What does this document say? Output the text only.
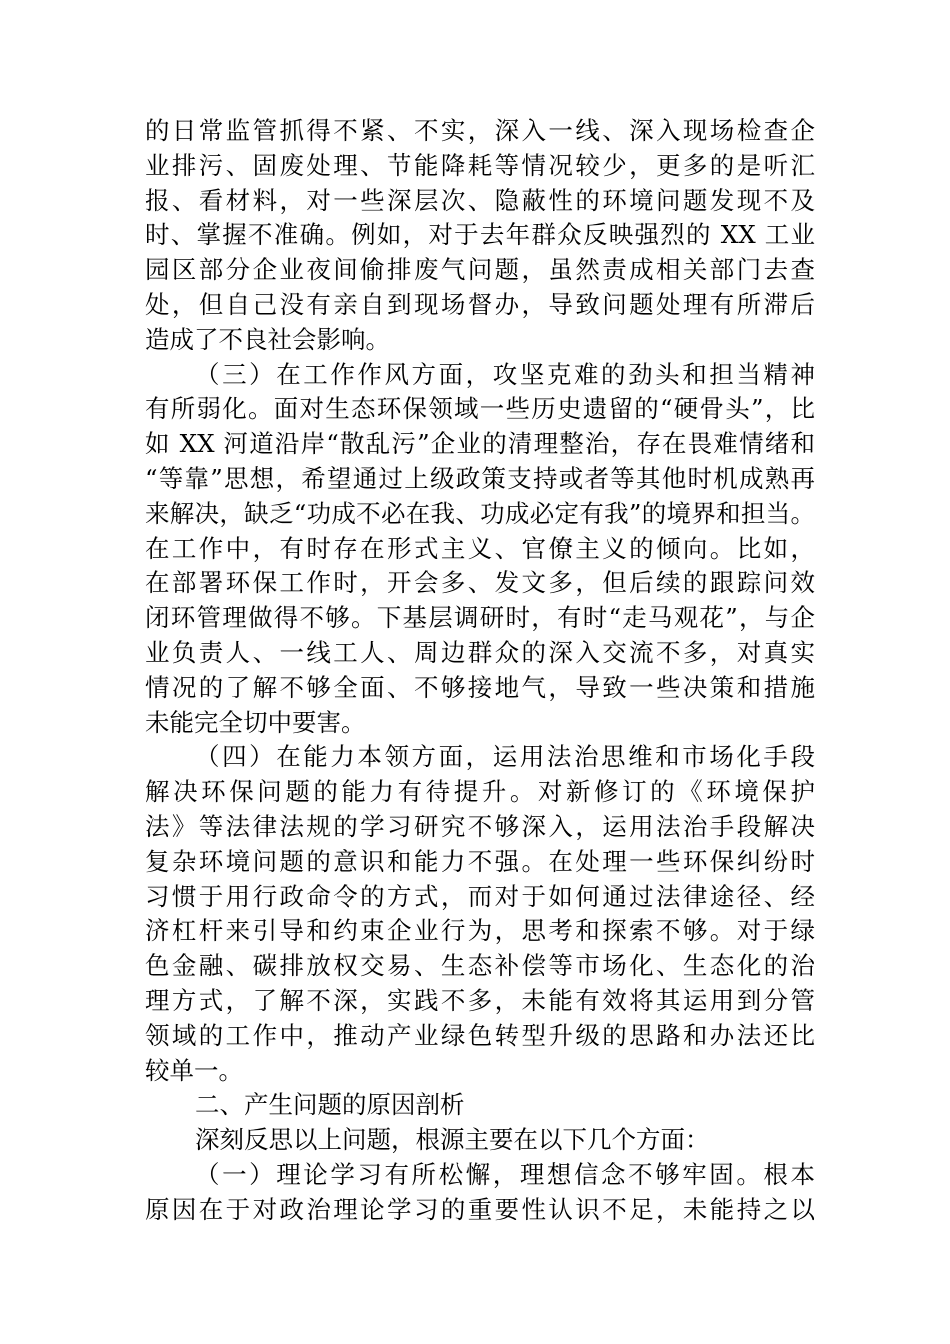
的日常监管抓得不紧、不实，深入一线、深入现场检查企
业排污、固废处理、节能降耗等情况较少，更多的是听汇
报、看材料，对一些深层次、隐蔽性的环境问题发现不及
时、掌握不准确。例如，对于去年群众反映强烈的 XX 工业
园区部分企业夜间偷排废气问题，虽然责成相关部门去查
处，但自己没有亲自到现场督办，导致问题处理有所滞后
造成了不良社会影响。
（三）在工作作风方面，攻坚克难的劲头和担当精神
有所弱化。面对生态环保领域一些历史遗留的“硬骨头”，比
如 XX 河道沿岸“散乱污”企业的清理整治，存在畏难情绪和
“等靠”思想，希望通过上级政策支持或者等其他时机成熟再
来解决，缺乏“功成不必在我、功成必定有我”的境界和担当。
在工作中，有时存在形式主义、官僚主义的倾向。比如，
在部署环保工作时，开会多、发文多，但后续的跟踪问效
闭环管理做得不够。下基层调研时，有时“走马观花”，与企
业负责人、一线工人、周边群众的深入交流不多，对真实
情况的了解不够全面、不够接地气，导致一些决策和措施
未能完全切中要害。
（四）在能力本领方面，运用法治思维和市场化手段
解决环保问题的能力有待提升。对新修订的《环境保护
法》等法律法规的学习研究不够深入，运用法治手段解决
复杂环境问题的意识和能力不强。在处理一些环保纠纷时
习惯于用行政命令的方式，而对于如何通过法律途径、经
济杠杆来引导和约束企业行为，思考和探索不够。对于绿
色金融、碳排放权交易、生态补偿等市场化、生态化的治
理方式，了解不深，实践不多，未能有效将其运用到分管
领域的工作中，推动产业绿色转型升级的思路和办法还比
较单一。
二、产生问题的原因剖析
深刻反思以上问题，根源主要在以下几个方面：
（一）理论学习有所松懈，理想信念不够牢固。根本
原因在于对政治理论学习的重要性认识不足，未能持之以
